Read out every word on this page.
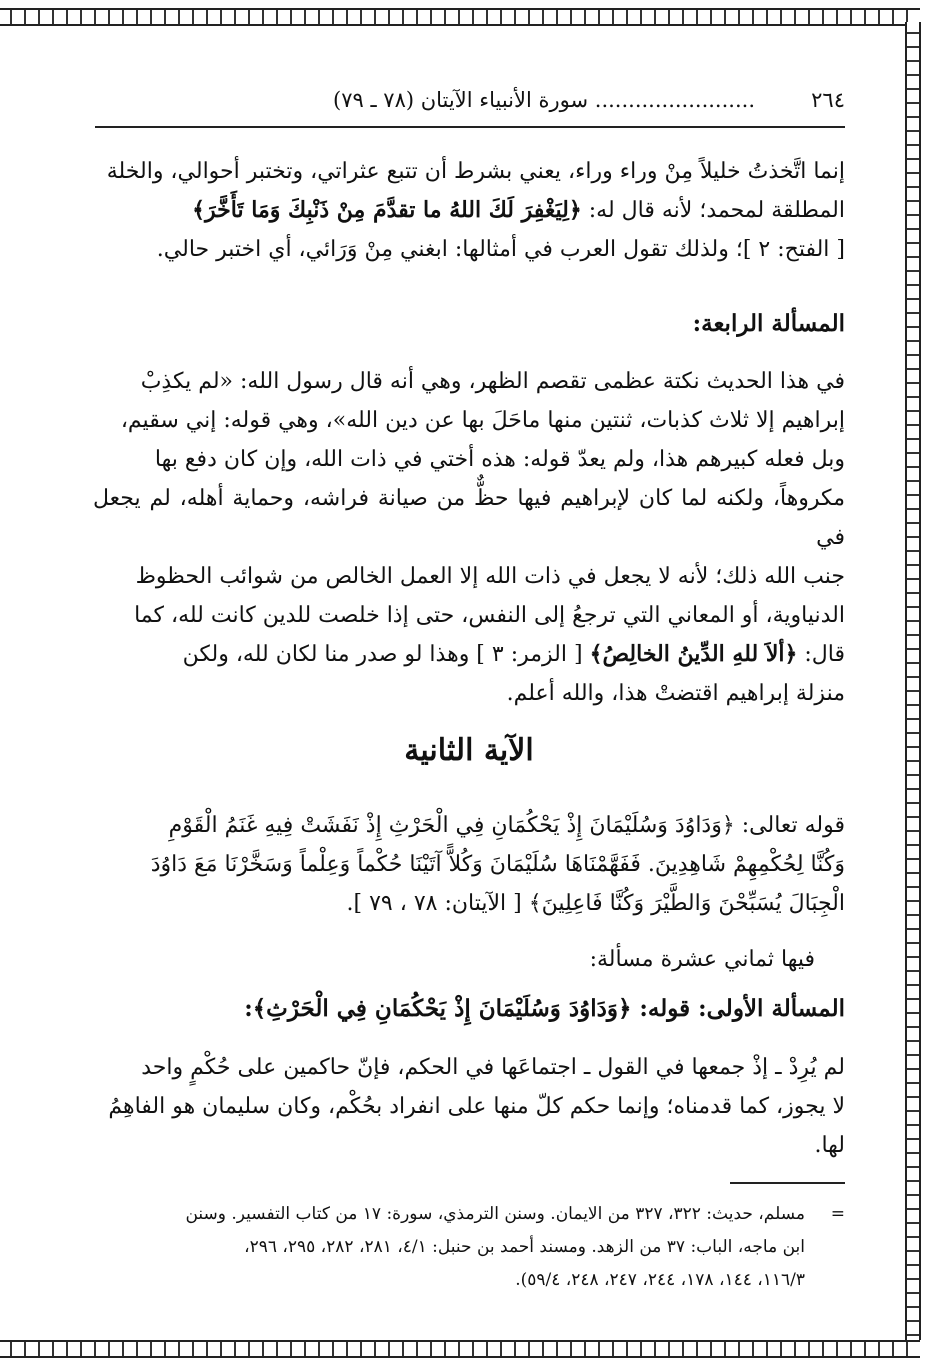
٢٦٤
........................ سورة الأنبياء الآيتان (٧٨ ـ ٧٩)
إنما اتَّخذتُ خليلاً مِنْ وراء وراء، يعني بشرط أن تتبع عثراتي، وتختبر أحوالي، والخلة
المطلقة لمحمد؛ لأنه قال له: ﴿لِيَغْفِرَ لَكَ اللهُ ما تقدَّمَ مِنْ ذَنْبِكَ وَمَا تَأَخَّرَ﴾
[ الفتح: ٢ ]؛ ولذلك تقول العرب في أمثالها: ابغني مِنْ وَرَائي، أي اختبر حالي.
المسألة الرابعة:
في هذا الحديث نكتة عظمى تقصم الظهر، وهي أنه قال رسول الله: «لم يكذِبْ
إبراهيم إلا ثلاث كذبات، ثنتين منها ماحَلَ بها عن دين الله»، وهي قوله: إني سقيم،
وبل فعله كبيرهم هذا، ولم يعدّ قوله: هذه أختي في ذات الله، وإن كان دفع بها
مكروهاً، ولكنه لما كان لإبراهيم فيها حظٌّ من صيانة فراشه، وحماية أهله، لم يجعل في
جنب الله ذلك؛ لأنه لا يجعل في ذات الله إلا العمل الخالص من شوائب الحظوظ
الدنياوية، أو المعاني التي ترجعُ إلى النفس، حتى إذا خلصت للدين كانت لله، كما
قال: ﴿ألاَ للهِ الدِّينُ الخالِصُ﴾ [ الزمر: ٣ ] وهذا لو صدر منا لكان لله، ولكن
منزلة إبراهيم اقتضتْ هذا، والله أعلم.
الآية الثانية
قوله تعالى: ﴿وَدَاوُدَ وَسُلَيْمَانَ إِذْ يَحْكُمَانِ فِي الْحَرْثِ إِذْ نَفَشَتْ فِيهِ غَنَمُ الْقَوْمِ
وَكُنَّا لِحُكْمِهِمْ شَاهِدِينَ. فَفَهَّمْنَاهَا سُلَيْمَانَ وَكُلاًّ آتَيْنَا حُكْماً وَعِلْماً وَسَخَّرْنَا مَعَ دَاوُدَ
الْجِبَالَ يُسَبِّحْنَ وَالطَّيْرَ وَكُنَّا فَاعِلِينَ﴾ [ الآيتان: ٧٨ ، ٧٩ ].
فيها ثماني عشرة مسألة:
المسألة الأولى: قوله: ﴿وَدَاوُدَ وَسُلَيْمَانَ إِذْ يَحْكُمَانِ فِي الْحَرْثِ﴾:
لم يُرِدْ ـ إذْ جمعها في القول ـ اجتماعَها في الحكم، فإنّ حاكمين على حُكْمٍ واحد
لا يجوز، كما قدمناه؛ وإنما حكم كلّ منها على انفراد بحُكْم، وكان سليمان هو الفاهِمُ
لها.
=
مسلم، حديث: ٣٢٢، ٣٢٧ من الايمان. وسنن الترمذي، سورة: ١٧ من كتاب التفسير. وسنن
ابن ماجه، الباب: ٣٧ من الزهد. ومسند أحمد بن حنبل: ٤/١، ٢٨١، ٢٨٢، ٢٩٥، ٢٩٦،
١١٦/٣، ١٤٤، ١٧٨، ٢٤٤، ٢٤٧، ٢٤٨، ٥٩/٤).
